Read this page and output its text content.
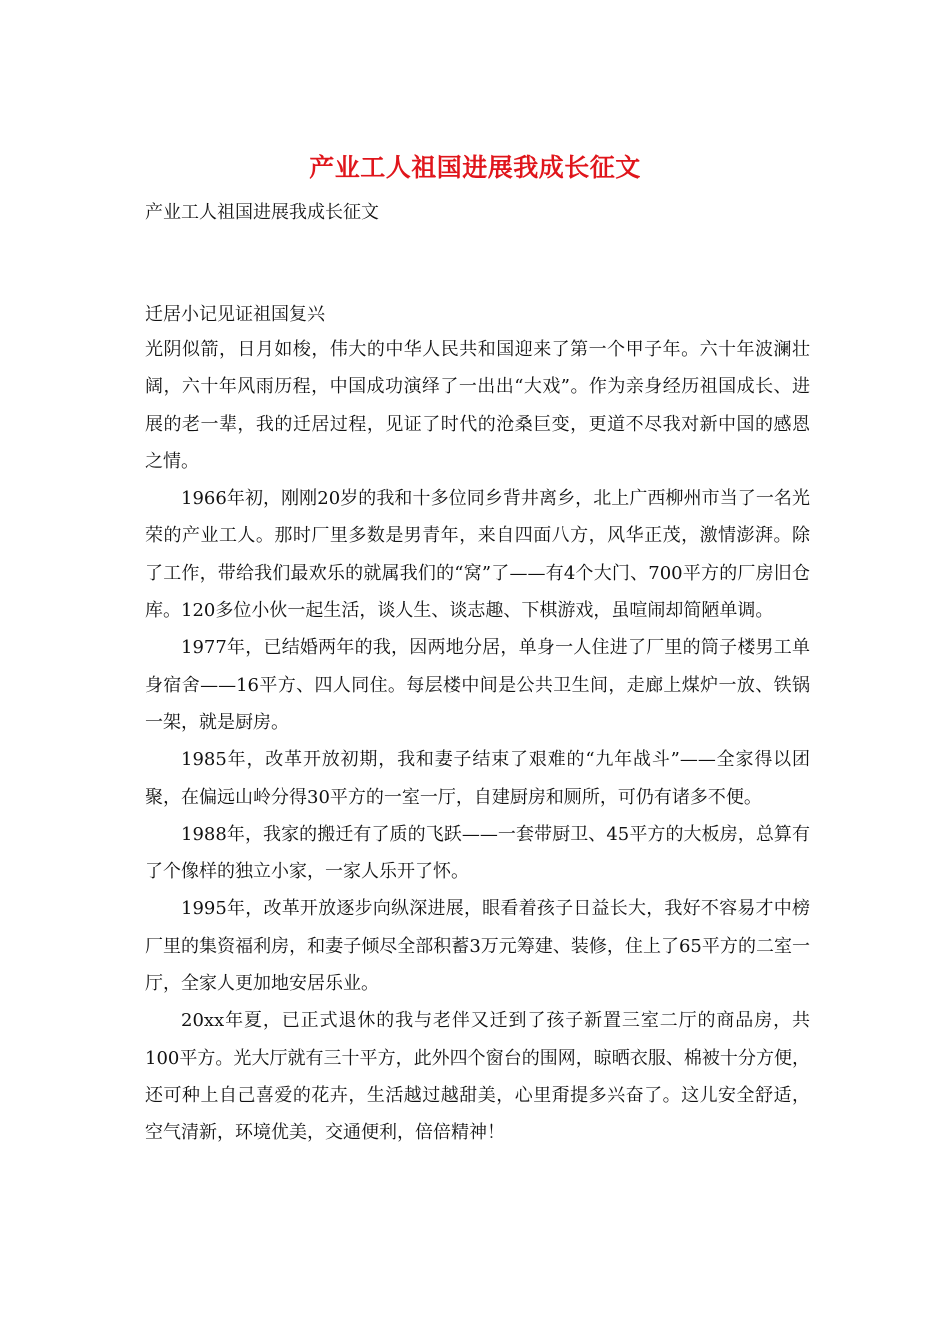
产业工人祖国进展我成长征文
产业工人祖国进展我成长征文
迁居小记见证祖国复兴

光阴似箭，日月如梭，伟大的中华人民共和国迎来了第一个甲子年。六十年波澜壮阔，六十年风雨历程，中国成功演绎了一出出“大戏”。作为亲身经历祖国成长、进展的老一辈，我的迁居过程，见证了时代的沧桑巨变，更道不尽我对新中国的感恩之情。

1966年初，刚刚20岁的我和十多位同乡背井离乡，北上广西柳州市当了一名光荣的产业工人。那时厂里多数是男青年，来自四面八方，风华正茂，激情澎湃。除了工作，带给我们最欢乐的就属我们的“窝”了——有4个大门、700平方的厂房旧仓库。120多位小伙一起生活，谈人生、谈志趣、下棋游戏，虽喧闹却简陋单调。

1977年，已结婚两年的我，因两地分居，单身一人住进了厂里的筒子楼男工单身宿舍——16平方、四人同住。每层楼中间是公共卫生间，走廊上煤炉一放、铁锅一架，就是厨房。

1985年，改革开放初期，我和妻子结束了艰难的“九年战斗”——全家得以团聚，在偏远山岭分得30平方的一室一厅，自建厨房和厕所，可仍有诸多不便。

1988年，我家的搬迁有了质的飞跃——一套带厨卫、45平方的大板房，总算有了个像样的独立小家，一家人乐开了怀。

1995年，改革开放逐步向纵深进展，眼看着孩子日益长大，我好不容易才中榜厂里的集资福利房，和妻子倾尽全部积蓄3万元筹建、装修，住上了65平方的二室一厅，全家人更加地安居乐业。

20xx年夏，已正式退休的我与老伴又迁到了孩子新置三室二厅的商品房，共100平方。光大厅就有三十平方，此外四个窗台的围网，晾晒衣服、棉被十分方便，还可种上自己喜爱的花卉，生活越过越甜美，心里甭提多兴奋了。这儿安全舒适，空气清新，环境优美，交通便利，倍倍精神！
